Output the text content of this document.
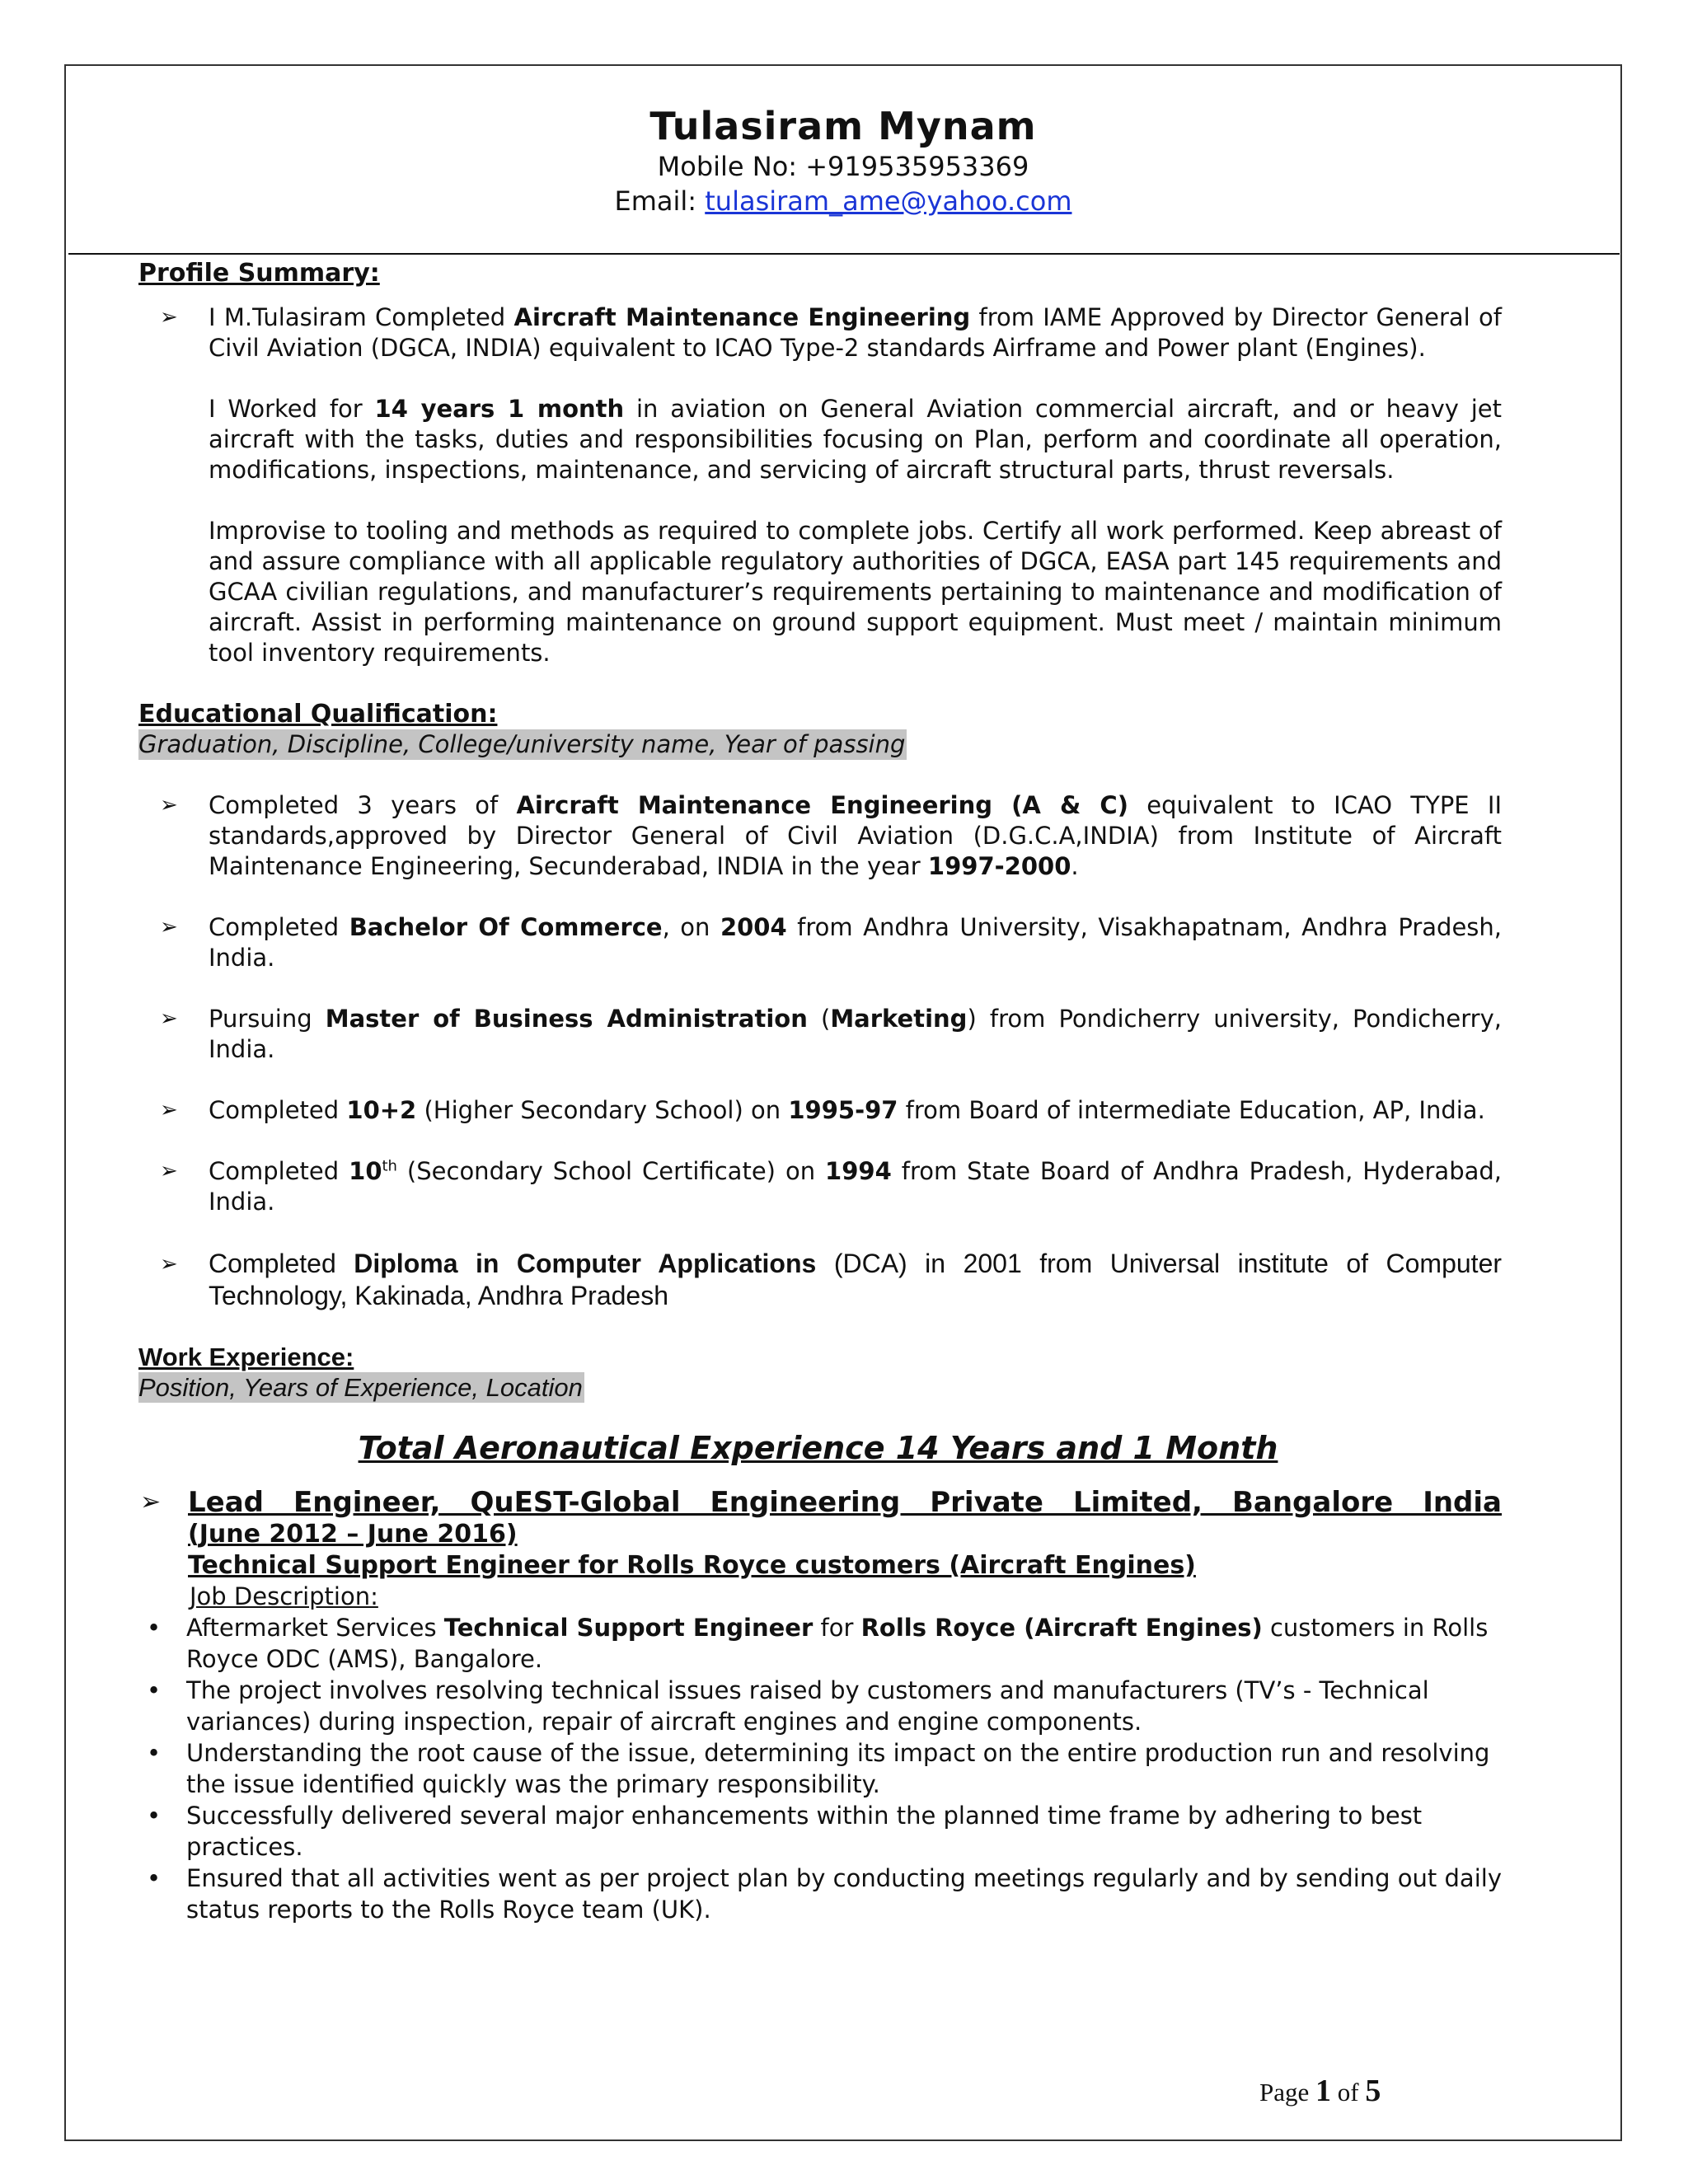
Tulasiram Mynam
Mobile No: +919535953369
Email: tulasiram_ame@yahoo.com
Profile Summary:
➢ I M.Tulasiram Completed Aircraft Maintenance Engineering from IAME Approved by Director General of Civil Aviation (DGCA, INDIA) equivalent to ICAO Type-2 standards Airframe and Power plant (Engines).
I Worked for 14 years 1 month in aviation on General Aviation commercial aircraft, and or heavy jet aircraft with the tasks, duties and responsibilities focusing on Plan, perform and coordinate all operation, modifications, inspections, maintenance, and servicing of aircraft structural parts, thrust reversals.
Improvise to tooling and methods as required to complete jobs. Certify all work performed. Keep abreast of and assure compliance with all applicable regulatory authorities of DGCA, EASA part 145 requirements and GCAA civilian regulations, and manufacturer’s requirements pertaining to maintenance and modification of aircraft. Assist in performing maintenance on ground support equipment. Must meet / maintain minimum tool inventory requirements.
Educational Qualification:
Graduation, Discipline, College/university name, Year of passing
➢ Completed 3 years of Aircraft Maintenance Engineering (A & C) equivalent to ICAO TYPE II standards,approved by Director General of Civil Aviation (D.G.C.A,INDIA) from Institute of Aircraft Maintenance Engineering, Secunderabad, INDIA in the year 1997-2000.
➢ Completed Bachelor Of Commerce, on 2004 from Andhra University, Visakhapatnam, Andhra Pradesh, India.
➢ Pursuing Master of Business Administration (Marketing) from Pondicherry university, Pondicherry, India.
➢ Completed 10+2 (Higher Secondary School) on 1995-97 from Board of intermediate Education, AP, India.
➢ Completed 10th (Secondary School Certificate) on 1994 from State Board of Andhra Pradesh, Hyderabad, India.
➢ Completed Diploma in Computer Applications (DCA) in 2001 from Universal institute of Computer Technology, Kakinada, Andhra Pradesh
Work Experience:
Position, Years of Experience, Location
Total Aeronautical Experience 14 Years and 1 Month
➢ Lead Engineer, QuEST-Global Engineering Private Limited, Bangalore India
(June 2012 – June 2016)
Technical Support Engineer for Rolls Royce customers (Aircraft Engines)
Job Description:
• Aftermarket Services Technical Support Engineer for Rolls Royce (Aircraft Engines) customers in Rolls Royce ODC (AMS), Bangalore.
• The project involves resolving technical issues raised by customers and manufacturers (TV’s - Technical variances) during inspection, repair of aircraft engines and engine components.
• Understanding the root cause of the issue, determining its impact on the entire production run and resolving the issue identified quickly was the primary responsibility.
• Successfully delivered several major enhancements within the planned time frame by adhering to best practices.
• Ensured that all activities went as per project plan by conducting meetings regularly and by sending out daily status reports to the Rolls Royce team (UK).
Page 1 of 5
